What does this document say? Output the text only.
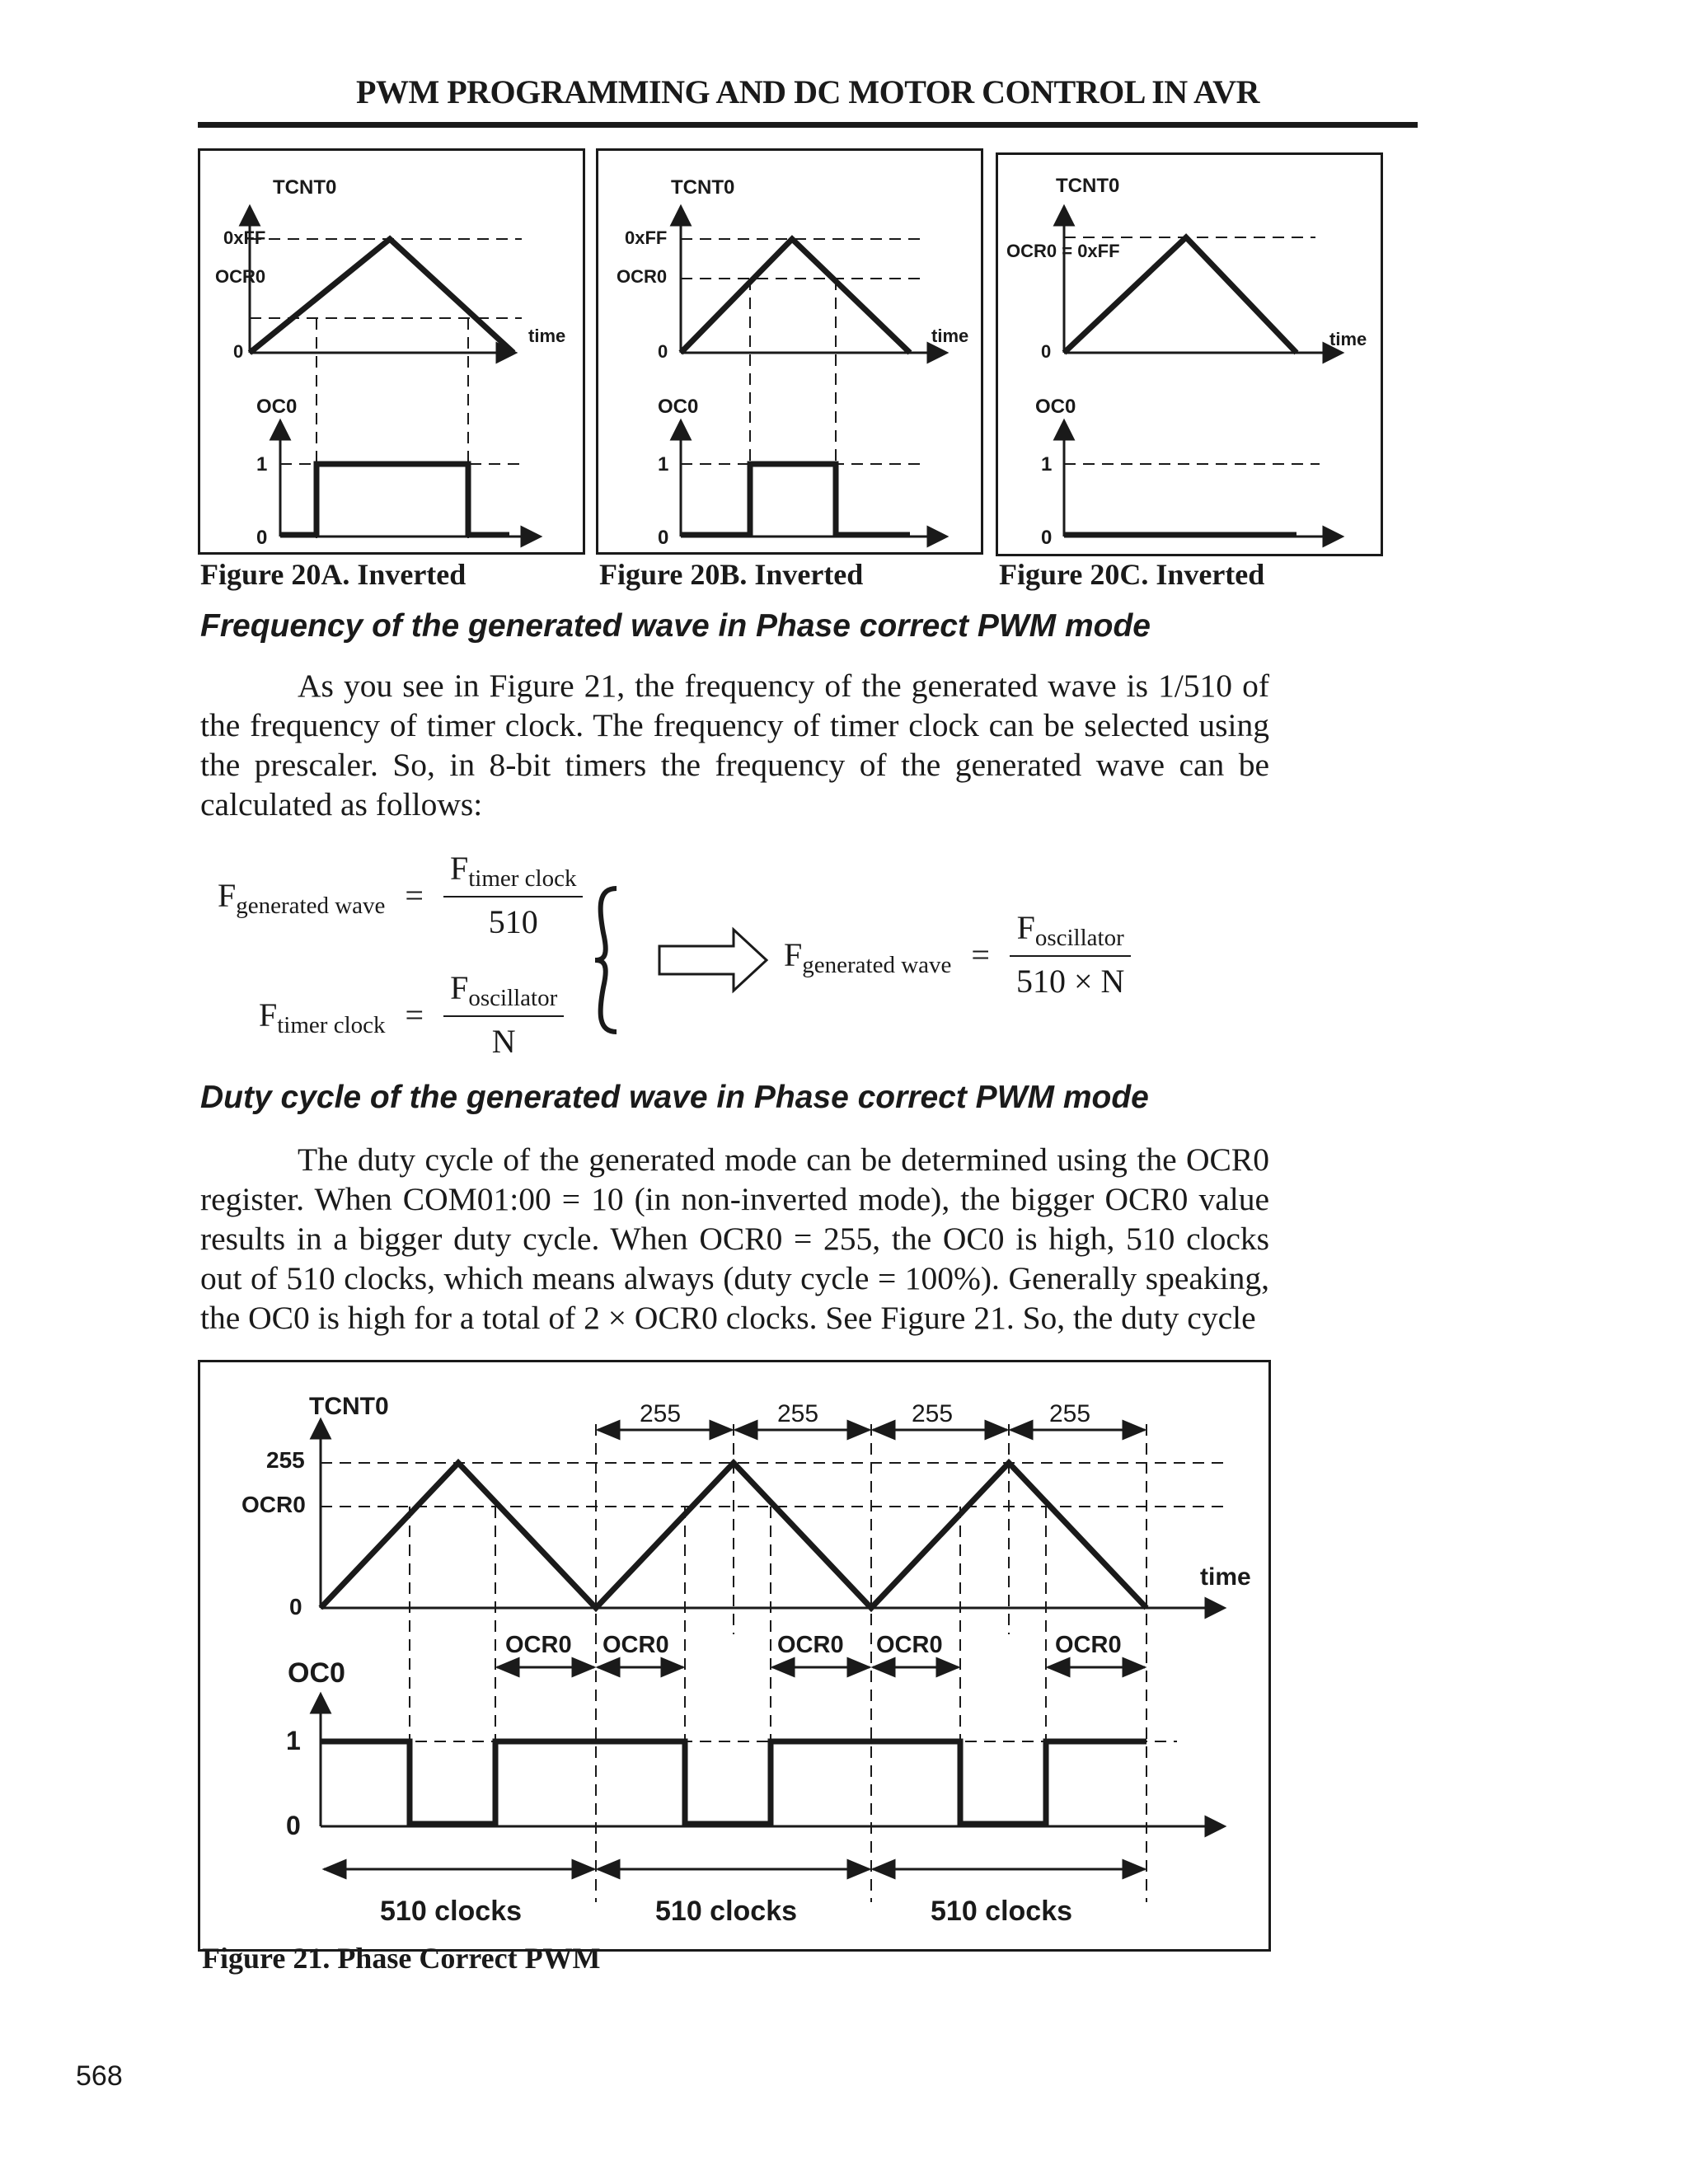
PWM PROGRAMMING AND DC MOTOR CONTROL IN AVR
TCNT0
0xFF
OCR0
0
time
OC0
1
0
Figure 20A. Inverted
TCNT0
0xFF
OCR0
0
time
OC0
1
0
Figure 20B. Inverted
TCNT0
OCR0 = 0xFF
0
time
OC0
1
0
Figure 20C. Inverted
Frequency of the generated wave in Phase correct PWM mode

As you see in Figure 21, the frequency of the generated wave is 1/510 of the frequency of timer clock. The frequency of timer clock can be selected using the prescaler. So, in 8-bit timers the frequency of the generated wave can be calculated as follows:

$F_{generated wave} = \frac{F_{timer clock}}{510}$
$F_{timer clock} = \frac{F_{oscillator}}{N}$
$F_{generated wave} = \frac{F_{oscillator}}{510 \times N}$
Duty cycle of the generated wave in Phase correct PWM mode

The duty cycle of the generated mode can be determined using the OCR0 register. When COM01:00 = 10 (in non-inverted mode), the bigger OCR0 value results in a bigger duty cycle. When OCR0 = 255, the OC0 is high, 510 clocks out of 510 clocks, which means always (duty cycle = 100%). Generally speaking, the OC0 is high for a total of 2 × OCR0 clocks. See Figure 21. So, the duty cycle

TCNT0
255
OCR0
0
time
255	255	255	255
OCR0 OCR0	OCR0 OCR0	OCR0
OC0
1
0
510 clocks	510 clocks	510 clocks
Figure 21. Phase Correct PWM
568
